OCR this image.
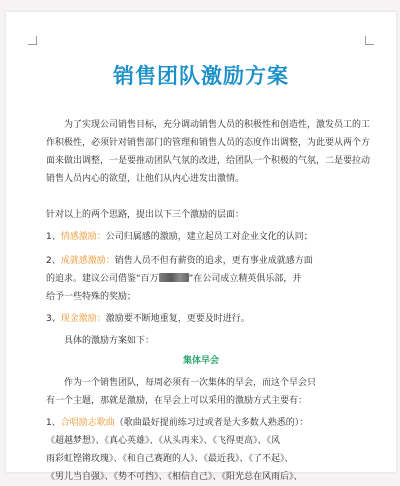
销售团队激励方案
为了实现公司销售目标，充分调动销售人员的积极性和创造性，激发员工的工作积极性，必须针对销售部门的管理和销售人员的态度作出调整，为此要从两个方面来做出调整，一是要推动团队气氛的改进，给团队一个积极的气氛，二是要拉动销售人员内心的欲望，让他们从内心进发出激情。
针对以上的两个思路，提出以下三个激励的层面：
1、情感激励：公司归属感的激励，建立起员工对企业文化的认同；
2、成就感激励：销售人员不但有薪资的追求，更有事业成就感方面
的追求。建议公司借鉴“百万	”在公司成立精英俱乐部，并
给予一些特殊的奖励；
3、现金激励：激励要不断地重复，更要及时进行。
具体的激励方案如下：
集体早会
作为一个销售团队，每周必须有一次集体的早会，而这个早会只
有一个主题，那就是激励，在早会上可以采用的激励方式主要有：
1、合唱励志歌曲（歌曲最好提前练习过或者是大多数人熟悉的）：
《超越梦想》、《真心英雄》、《从头再来》、《飞得更高》、《风
雨彩虹铿锵玫瑰》、《和自己赛跑的人》、《最近我》、《了不起》、
《男儿当自强》、《势不可挡》、《相信自己》、《阳光总在风雨后》、
